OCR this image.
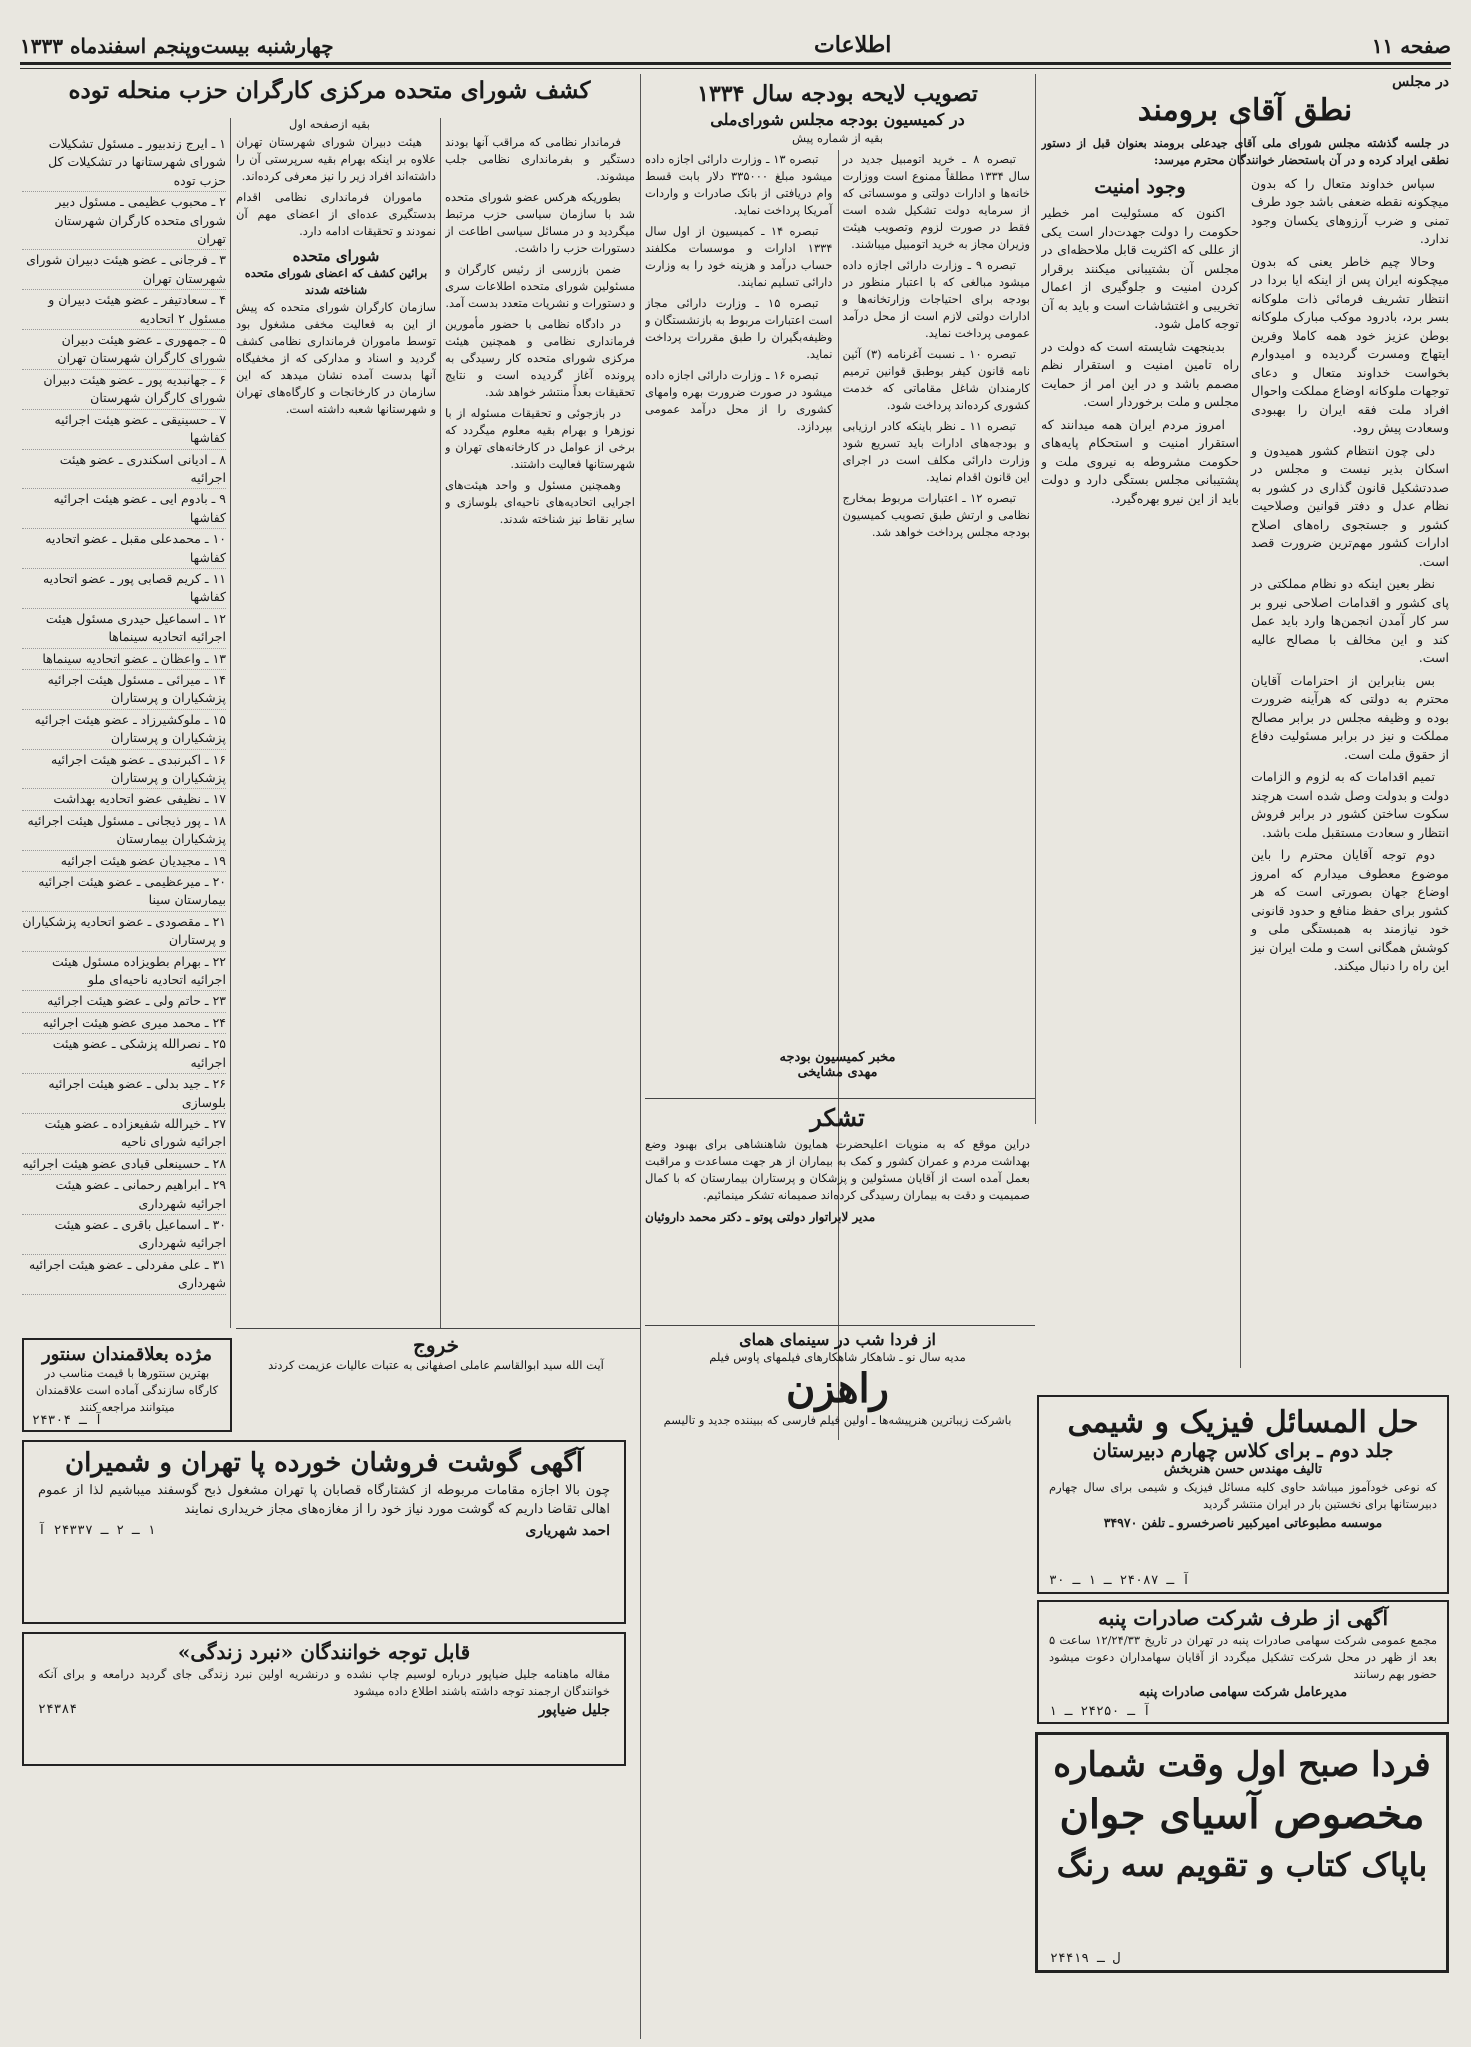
صفحه ۱۱
اطلاعات
چهارشنبه بیست‌وپنجم اسفندماه ۱۳۳۳
در مجلس
نطق آقای برومند
در جلسه گذشته مجلس شورای ملی آقای جیدعلی برومند بعنوان قبل از دستور نطقی ایراد کرده‌ و در آن باستحضار خوانندگان محترم میرسد:

سپاس خداوند متعال را که بدون میچکونه نقطه ضعفی باشد جود طرف تمنی و ضرب آرزوهای یکسان وجود ندارد.

وحالا چیم خاطر یعنی که بدون میچکونه ایران پس از اینکه ایا بردا در انتظار تشریف فرمائی ذات ملوکانه بسر برد، بادرود موکب مبارک ملوکانه بوطن عزیز خود همه کاملا وفرین ایتهاج ومسرت گردیده‌ و امیدوارم بخواست خداوند متعال و دعای توجهات ملوکانه اوضاع مملکت واحوال افراد ملت فقه ایران را بهبودی وسعادت پیش رود.

دلی چون انتظام کشور همیدون و اسکان بذیر نیست و مجلس در صددتشکیل قانون گذاری در کشور به نظام عدل و دفتر قوانین وصلاحیت کشور و جستجوی راه‌های اصلاح ادارات کشور مهم‌ترین ضرورت قصد است.

نظر بعین اینکه دو نظام مملکتی در پای کشور و اقدامات اصلاحی نیرو بر سر کار آمدن انجمن‌ها وارد باید عمل کند و این مخالف با مصالح عالیه است.

بس بنابراین از احترامات آقایان محترم به دولتی که هرآینه ضرورت بوده و وظیفه مجلس در برابر مصالح مملکت و نیز در برابر مسئولیت دفاع از حقوق ملت است.

تمیم اقدامات که به لزوم و الزامات دولت و بدولت وصل شده است هرچند سکوت ساختن کشور در برابر فروش انتظار و سعادت مستقبل ملت باشد.

دوم توجه آقایان محترم را باین موضوع معطوف میدارم که امروز اوضاع جهان بصورتی است که هر کشور برای حفظ منافع و حدود قانونی خود نیازمند به همبستگی ملی و کوشش همگانی است و ملت ایران نیز این راه را دنبال میکند.

وجود امنیت

اکنون که مسئولیت امر خطیر حکومت را دولت جهدت‌دار است یکی از عللی که اکثریت قابل ملاحظه‌ای در مجلس آن بشتیبانی میکنند برقرار کردن امنیت و جلوگیری از اعمال تخریبی و اغتشاشات است و باید به آن توجه کامل شود.

بدینجهت شایسته است که دولت در راه تامین امنیت و استقرار نظم مصمم باشد و در این امر از حمایت مجلس و ملت برخوردار است.

امروز مردم ایران همه میدانند که استقرار امنیت و استحکام پایه‌های حکومت مشروطه به نیروی ملت و پشتیبانی مجلس بستگی دارد و دولت باید از این نیرو بهره‌گیرد.

تصویب لایحه بودجه سال ۱۳۳۴
در کمیسیون بودجه مجلس شورای‌ملی
بقیه از شماره پیش

تبصره ۸ ـ خرید اتومبیل جدید در سال ۱۳۳۴ مطلقاً ممنوع است ووزارت خانه‌ها و ادارات دولتی و موسساتی که از سرمایه دولت تشکیل شده است فقط در صورت لزوم وتصویب هیئت وزیران مجاز به خرید اتومبیل میباشند.

تبصره ۹ ـ وزارت دارائی اجازه داده میشود مبالغی که با اعتبار منظور در بودجه برای احتیاجات وزارتخانه‌ها و ادارات دولتی لازم است از محل درآمد عمومی پرداخت نماید.

تبصره ۱۰ ـ نسبت آغرنامه (۳) آئین نامه قانون کیفر بوطبق قوانین ترمیم کارمندان شاغل مقاماتی که خدمت کشوری کرده‌اند پرداخت شود.

تبصره ۱۱ ـ نظر باینکه کادر ارزیابی و بودجه‌های ادارات باید تسریع شود وزارت دارائی مکلف است در اجرای این قانون اقدام نماید.

تبصره ۱۲ ـ اعتبارات مربوط بمخارج نظامی و ارتش طبق تصویب کمیسیون بودجه مجلس پرداخت خواهد شد.

تبصره ۱۳ ـ وزارت دارائی اجازه داده میشود مبلغ ۳۳۵۰۰۰ دلار بابت قسط وام دریافتی از بانک صادرات و واردات آمریکا پرداخت نماید.

تبصره ۱۴ ـ کمیسیون از اول سال ۱۳۳۴ ادارات و موسسات مکلفند حساب درآمد و هزینه خود را به وزارت دارائی تسلیم نمایند.

تبصره ۱۵ ـ وزارت دارائی مجاز است اعتبارات مربوط به بازنشستگان و وظیفه‌بگیران را طبق مقررات پرداخت نماید.

تبصره ۱۶ ـ وزارت دارائی اجازه داده میشود در صورت ضرورت بهره وامهای کشوری را از محل درآمد عمومی بپردازد.

مخبر کمیسیون بودجه
مهدی مشایخی
تشکر
دراین موقع که به منویات اعلیحضرت همایون شاهنشاهی برای بهبود وضع بهداشت مردم و عمران کشور و کمک به بیماران از هر جهت مساعدت و مراقبت بعمل آمده است از آقایان مسئولین و پزشکان و پرستاران بیمارستان که با کمال صمیمیت و دقت به بیماران رسیدگی کرده‌اند صمیمانه تشکر مینمائیم.
مدیر لابراتوار دولتی پوتو ـ دکتر محمد داروئیان
از فردا شب در سینمای همای
مدیه سال نو ـ شاهکار شاهکارهای فیلمهای پاوس فیلم
راهزن
باشرکت زیباترین هنرپیشه‌ها ـ اولین فیلم فارسی که ببیننده جدید و تالیسم
کشف شورای متحده مرکزی کارگران حزب منحله توده
بقیه ازصفحه اول

فرماندار نظامی که مراقب آنها بودند دستگیر و بفرمانداری نظامی جلب میشوند.

بطوریکه هرکس عضو شورای متحده شد با سازمان سیاسی حزب مرتبط میگردید و در مسائل سیاسی اطاعت از دستورات حزب را داشت.

ضمن بازرسی از رئیس کارگران و مسئولین شورای متحده اطلاعات سری و دستورات و نشریات متعدد بدست آمد.

در دادگاه نظامی با حضور مأمورین فرمانداری نظامی و همچنین هیئت مرکزی شورای متحده کار رسیدگی به پرونده آغاز گردیده است و نتایج تحقیقات بعداً منتشر خواهد شد.

در بازجوئی و تحقیقات مسئوله از با نوزهرا و بهرام بقیه معلوم میگردد که برخی از عوامل در کارخانه‌های تهران و شهرستانها فعالیت داشتند.

وهمچنین مسئول و واحد هیئت‌های اجرایی اتحادیه‌های ناحیه‌ای بلوسازی و سایر نقاط نیز شناخته شدند.

هیئت دبیران شورای شهرستان تهران علاوه بر اینکه بهرام بقیه سرپرستی آن را داشته‌اند افراد زیر را نیز معرفی کرده‌اند.

ماموران فرمانداری نظامی اقدام بدستگیری عده‌ای از اعضای مهم آن نمودند و تحقیقات ادامه دارد.

شورای متحده
برائین کشف که اعضای شورای متحده شناخته شدند
سازمان کارگران شورای متحده که پیش از این به فعالیت مخفی مشغول بود توسط ماموران فرمانداری نظامی کشف گردید و اسناد و مدارکی که از مخفیگاه آنها بدست آمده نشان میدهد که این سازمان در کارخانجات و کارگاه‌های تهران و شهرستانها شعبه داشته است.
۱ ـ ایرج زندبیور ـ مسئول تشکیلات شورای شهرستانها در تشکیلات کل حزب توده
۲ ـ محبوب عظیمی ـ مسئول دبیر شورای متحده کارگران شهرستان تهران
۳ ـ فرجانی ـ عضو هیئت دبیران شورای شهرستان تهران
۴ ـ سعادتیفر ـ عضو هیئت دبیران و مسئول ۲ اتحادیه
۵ ـ جمهوری ـ عضو هیئت دبیران شورای کارگران شهرستان تهران
۶ ـ جهانبدیه پور ـ عضو هیئت دبیران شورای کارگران شهرستان
۷ ـ حسینیقی ـ عضو هیئت اجرائیه کفاشها
۸ ـ ادیانی اسکندری ـ عضو هیئت اجرائیه
۹ ـ بادوم ایی ـ عضو هیئت اجرائیه کفاشها
۱۰ ـ محمدعلی مقبل ـ عضو اتحادیه کفاشها
۱۱ ـ کریم قصابی پور ـ عضو اتحادیه کفاشها
۱۲ ـ اسماعیل حیدری مسئول هیئت اجرائیه اتحادیه سینماها
۱۳ ـ واعظان ـ عضو اتحادیه سینماها
۱۴ ـ میرائی ـ مسئول هیئت اجرائیه پزشکیاران و پرستاران
۱۵ ـ ملوکشیرزاد ـ عضو هیئت اجرائیه پزشکیاران و پرستاران
۱۶ ـ اکبرنبدی ـ عضو هیئت اجرائیه پزشکیاران و پرستاران
۱۷ ـ نظیفی عضو اتحادیه بهداشت
۱۸ ـ پور ذیجانی ـ مسئول هیئت اجرائیه پزشکیاران بیمارستان
۱۹ ـ مجیدیان عضو هیئت اجرائیه
۲۰ ـ میرعظیمی ـ عضو هیئت اجرائیه بیمارستان سینا
۲۱ ـ مقصودی ـ عضو اتحادیه پزشکیاران و پرستاران
۲۲ ـ بهرام بطویزاده مسئول هیئت اجرائیه اتحادیه ناحیه‌ای ملو
۲۳ ـ حاتم ولی ـ عضو هیئت اجرائیه
۲۴ ـ محمد میری عضو هیئت اجرائیه
۲۵ ـ نصرالله پزشکی ـ عضو هیئت اجرائیه
۲۶ ـ جید بدلی ـ عضو هیئت اجرائیه بلوسازی
۲۷ ـ خیرالله شفیعزاده ـ عضو هیئت اجرائیه شورای ناحیه
۲۸ ـ حسینعلی قبادی عضو هیئت اجرائیه
۲۹ ـ ابراهیم رحمانی ـ عضو هیئت اجرائیه شهرداری
۳۰ ـ اسماعیل باقری ـ عضو هیئت اجرائیه شهرداری
۳۱ ـ علی مفردلی ـ عضو هیئت اجرائیه شهرداری
خروج
آیت الله سید ابوالقاسم عاملی اصفهانی به عتبات عالیات عزیمت کردند
مژده بعلاقمندان سنتور
بهترین سنتورها با قیمت مناسب در کارگاه سازندگی آماده است علاقمندان میتوانند مراجعه کنند
آ ـ ۲۴۳۰۴
آگهی گوشت فروشان خورده پا تهران و شمیران
چون بالا اجازه مقامات مربوطه از کشتارگاه قصابان پا تهران مشغول ذبح گوسفند میباشیم لذا از عموم اهالی تقاضا داریم که گوشت مورد نیاز خود را از مغازه‌های مجاز خریداری نمایند
احمد شهریاری
۱ ـ ۲ ـ ۲۴۳۳۷ آ
قابل توجه خوانندگان «نبرد زندگی»
مقاله ماهنامه جلیل ضیاپور درباره لوسیم چاپ نشده و درنشریه اولین نبرد زندگی جای گردید درامعه و برای آنکه خوانندگان ارجمند توجه داشته باشند اطلاع داده میشود
جلیل ضیاپور
۲۴۳۸۴
حل المسائل فیزیک و شیمی
جلد دوم ـ برای کلاس چهارم دبیرستان
تالیف مهندس حسن هنربخش
که نوعی خودآموز میباشد حاوی کلیه مسائل فیزیک و شیمی برای سال چهارم دبیرستانها برای نخستین بار در ایران منتشر گردید
موسسه مطبوعاتی امیرکبیر ناصرخسرو ـ تلفن ۳۴۹۷۰
آ ـ ۲۴۰۸۷ ـ ۱ ـ ۳۰
آگهی از طرف شرکت صادرات پنبه
مجمع عمومی شرکت سهامی صادرات پنبه در تهران در تاریخ ۱۲/۲۴/۳۳ ساعت ۵ بعد از ظهر در محل شرکت تشکیل میگردد از آقایان سهامداران دعوت میشود حضور بهم رسانند
مدیرعامل شرکت سهامی صادرات پنبه
آ ـ ۲۴۲۵۰ ـ ۱
فردا صبح اول وقت شماره
مخصوص آسیای جوان
باپاک کتاب و تقویم سه رنگ
ل ـ ۲۴۴۱۹
